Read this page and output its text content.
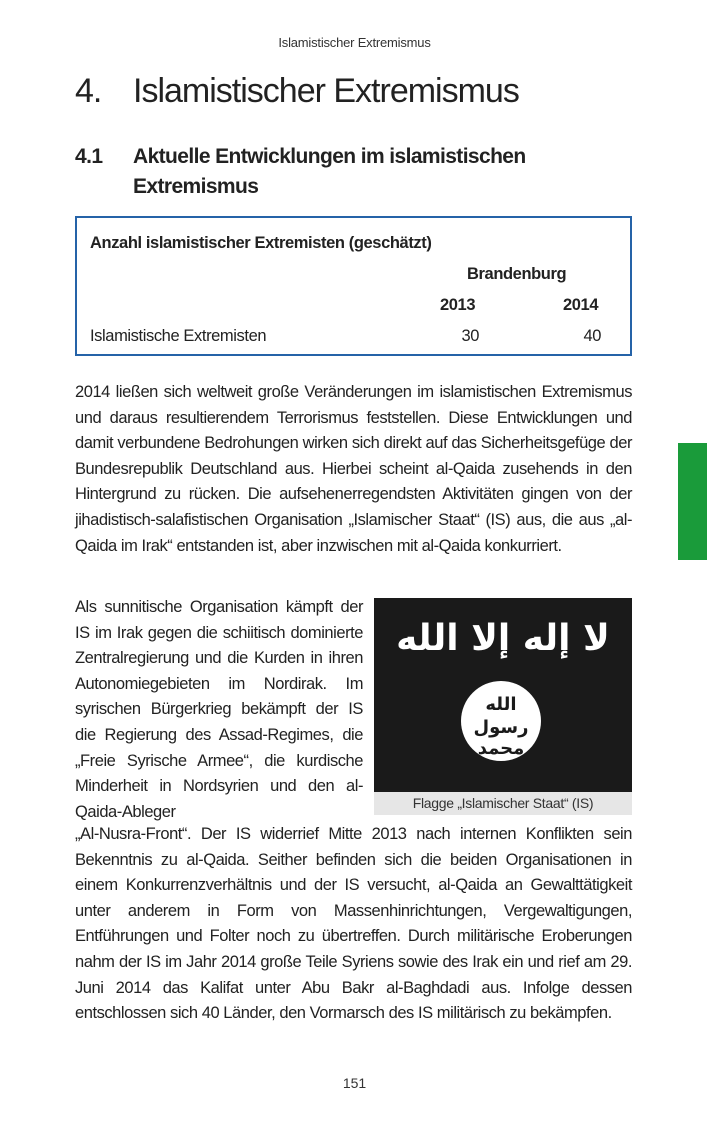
Islamistischer Extremismus
4. Islamistischer Extremismus
4.1 Aktuelle Entwicklungen im islamistischen Extremismus
Anzahl islamistischer Extremisten (geschätzt)
Brandenburg
2013	2014
Islamistische Extremisten	30	40

2014 ließen sich weltweit große Veränderungen im islamistischen Extremismus und daraus resultierendem Terrorismus feststellen. Diese Entwicklungen und damit verbundene Bedrohungen wirken sich direkt auf das Sicherheitsgefüge der Bundesrepublik Deutschland aus. Hierbei scheint al-Qaida zusehends in den Hintergrund zu rücken. Die aufsehenerregendsten Aktivitäten gingen von der jihadistisch-salafistischen Organisation „Islamischer Staat“ (IS) aus, die aus „al-Qaida im Irak“ entstanden ist, aber inzwischen mit al-Qaida konkurriert.

Als sunnitische Organisation kämpft der IS im Irak gegen die schiitisch dominierte Zentralregierung und die Kurden in ihren Autonomiegebieten im Nordirak. Im syrischen Bürgerkrieg bekämpft der IS die Regierung des Assad-Regimes, die „Freie Syrische Armee“, die kurdische Minderheit in Nordsyrien und den al-Qaida-Ableger

لا إله إلا الله
الله
رسول
محمد
Flagge „Islamischer Staat“ (IS)

„Al-Nusra-Front“. Der IS widerrief Mitte 2013 nach internen Konflikten sein Bekenntnis zu al-Qaida. Seither befinden sich die beiden Organisationen in einem Konkurrenzverhältnis und der IS versucht, al-Qaida an Gewalttätigkeit unter anderem in Form von Massenhinrichtungen, Vergewaltigungen, Entführungen und Folter noch zu übertreffen. Durch militärische Eroberungen nahm der IS im Jahr 2014 große Teile Syriens sowie des Irak ein und rief am 29. Juni 2014 das Kalifat unter Abu Bakr al-Baghdadi aus. Infolge dessen entschlossen sich 40 Länder, den Vormarsch des IS militärisch zu bekämpfen.

151
